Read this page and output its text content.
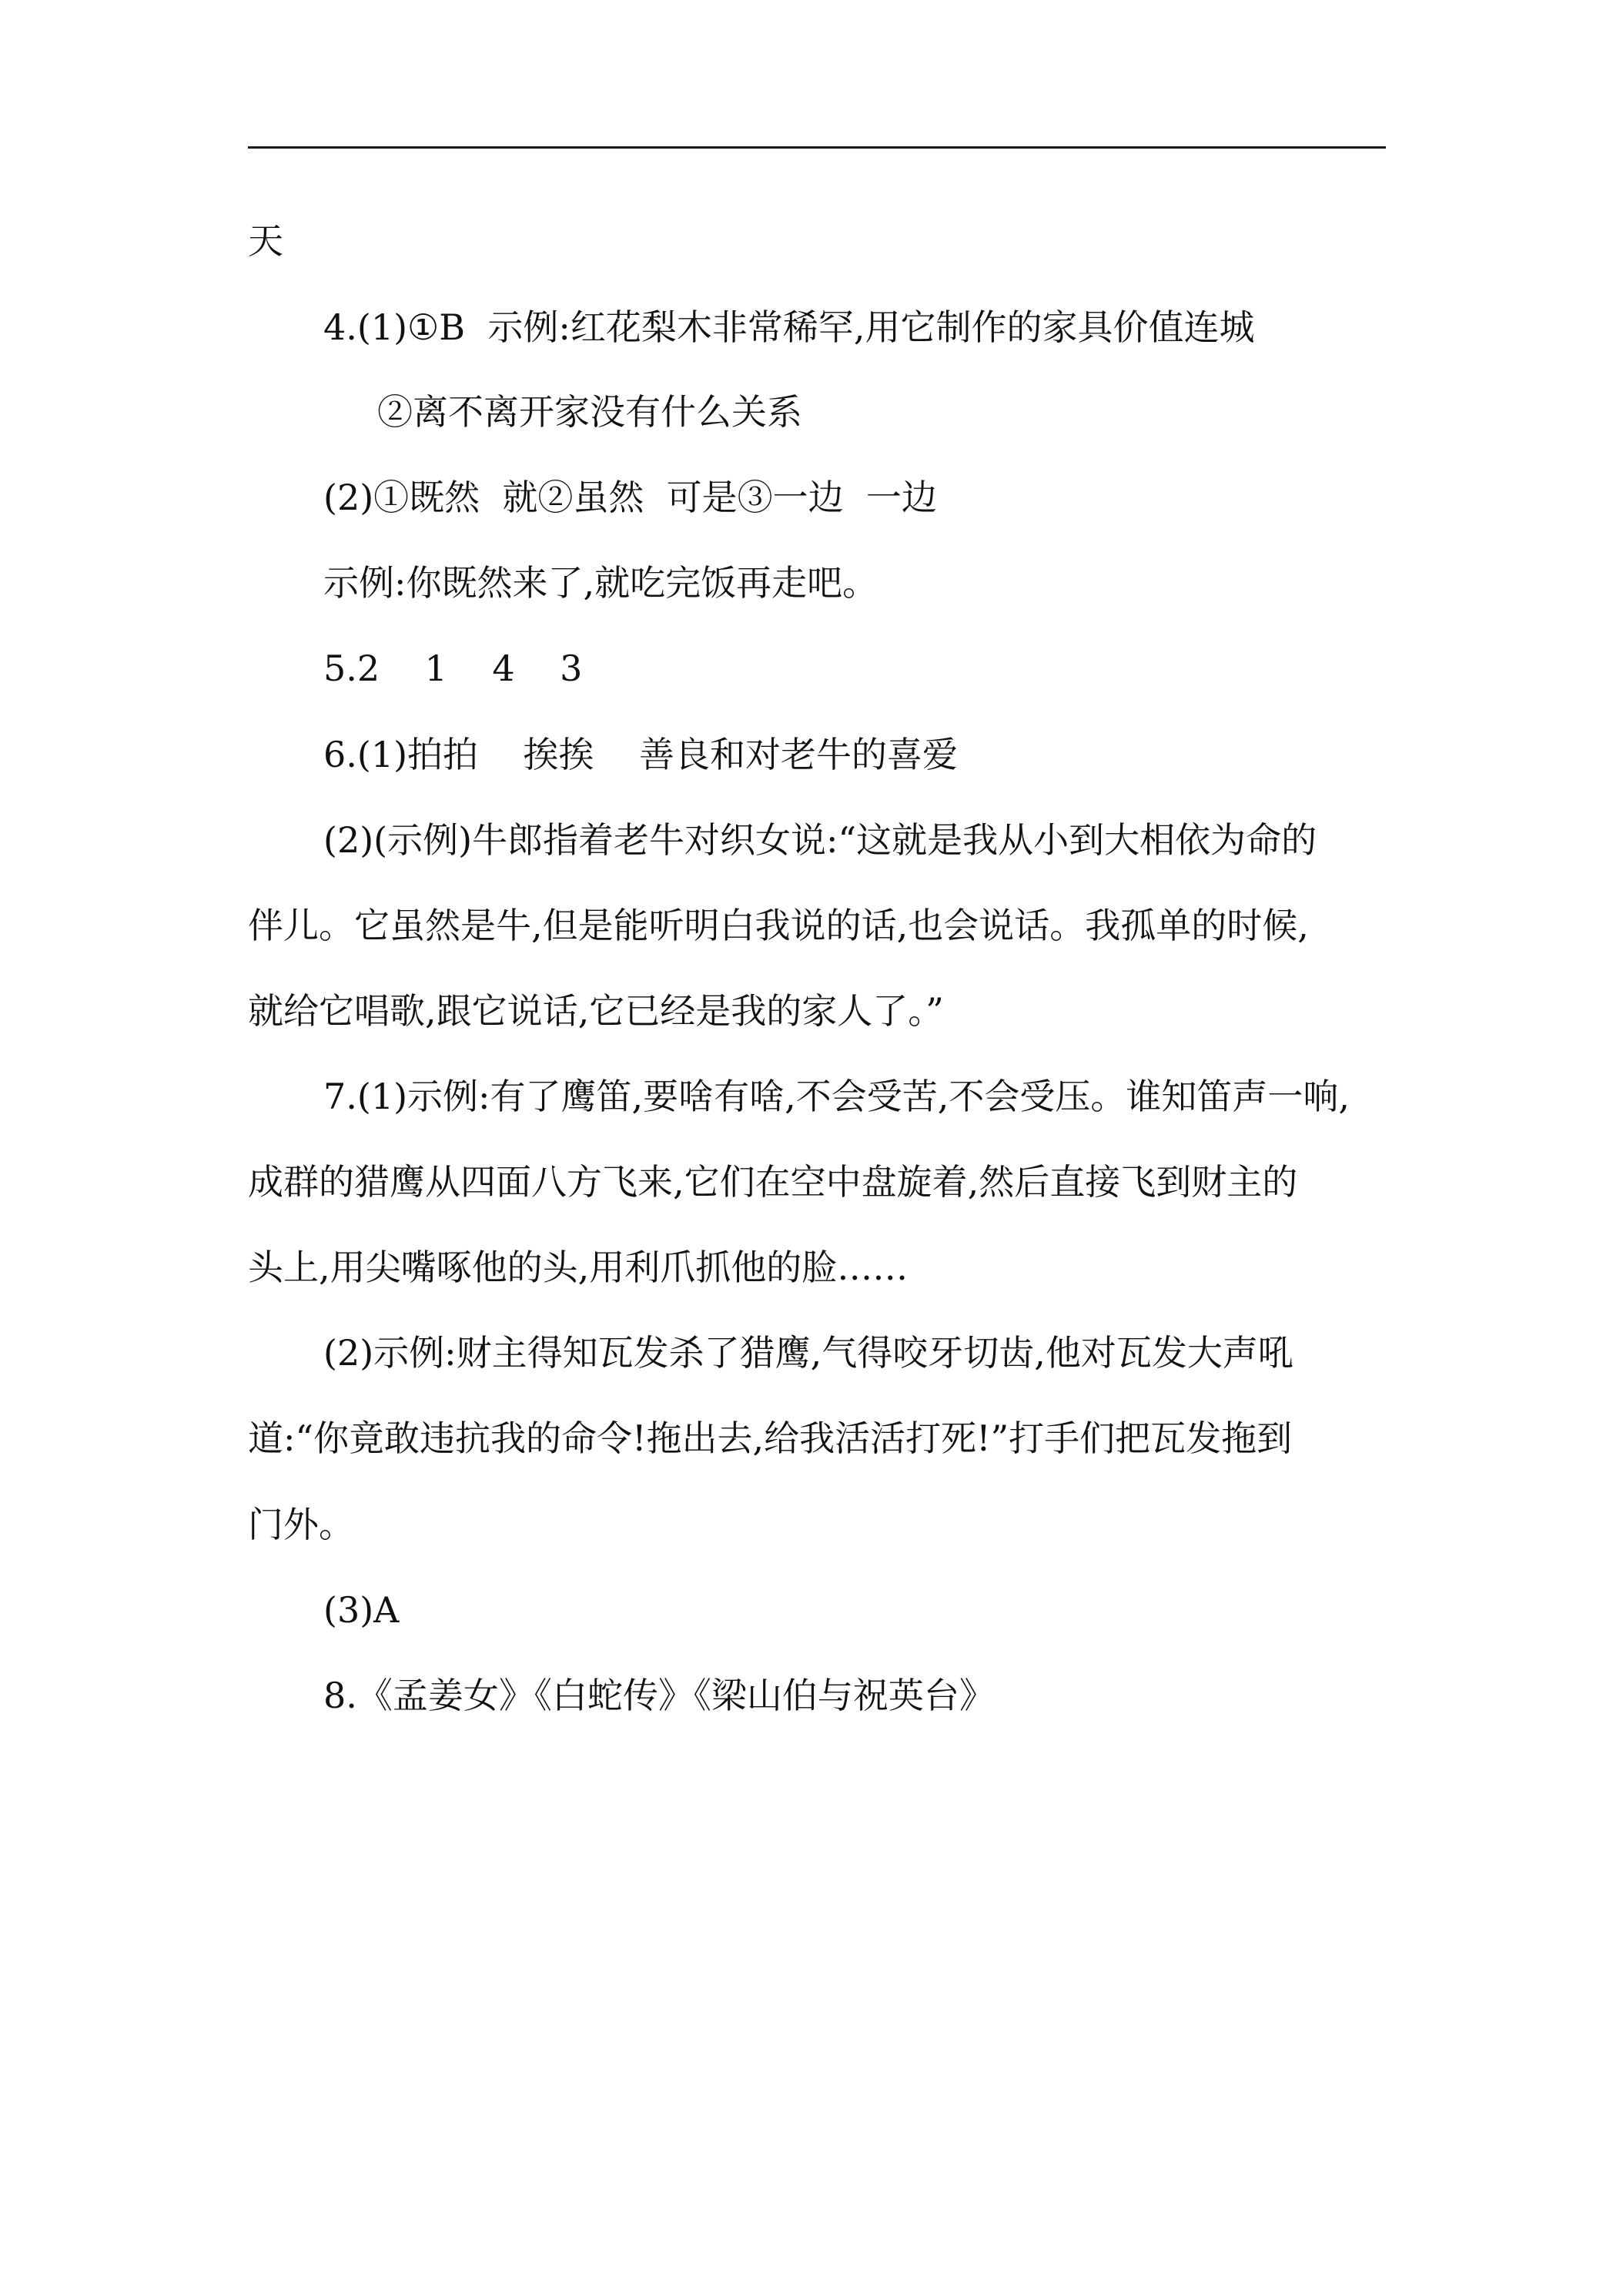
天
4.(1)①B  示例:红花梨木非常稀罕,用它制作的家具价值连城
②离不离开家没有什么关系
(2)①既然  就②虽然  可是③一边  一边
示例:你既然来了,就吃完饭再走吧。
5.2    1    4    3
6.(1)拍拍    挨挨    善良和对老牛的喜爱
(2)(示例)牛郎指着老牛对织女说:“这就是我从小到大相依为命的
伴儿。它虽然是牛,但是能听明白我说的话,也会说话。我孤单的时候,
就给它唱歌,跟它说话,它已经是我的家人了。”
7.(1)示例:有了鹰笛,要啥有啥,不会受苦,不会受压。谁知笛声一响,
成群的猎鹰从四面八方飞来,它们在空中盘旋着,然后直接飞到财主的
头上,用尖嘴啄他的头,用利爪抓他的脸……
(2)示例:财主得知瓦发杀了猎鹰,气得咬牙切齿,他对瓦发大声吼
道:“你竟敢违抗我的命令!拖出去,给我活活打死!”打手们把瓦发拖到
门外。
(3)A
8.《孟姜女》《白蛇传》《梁山伯与祝英台》
